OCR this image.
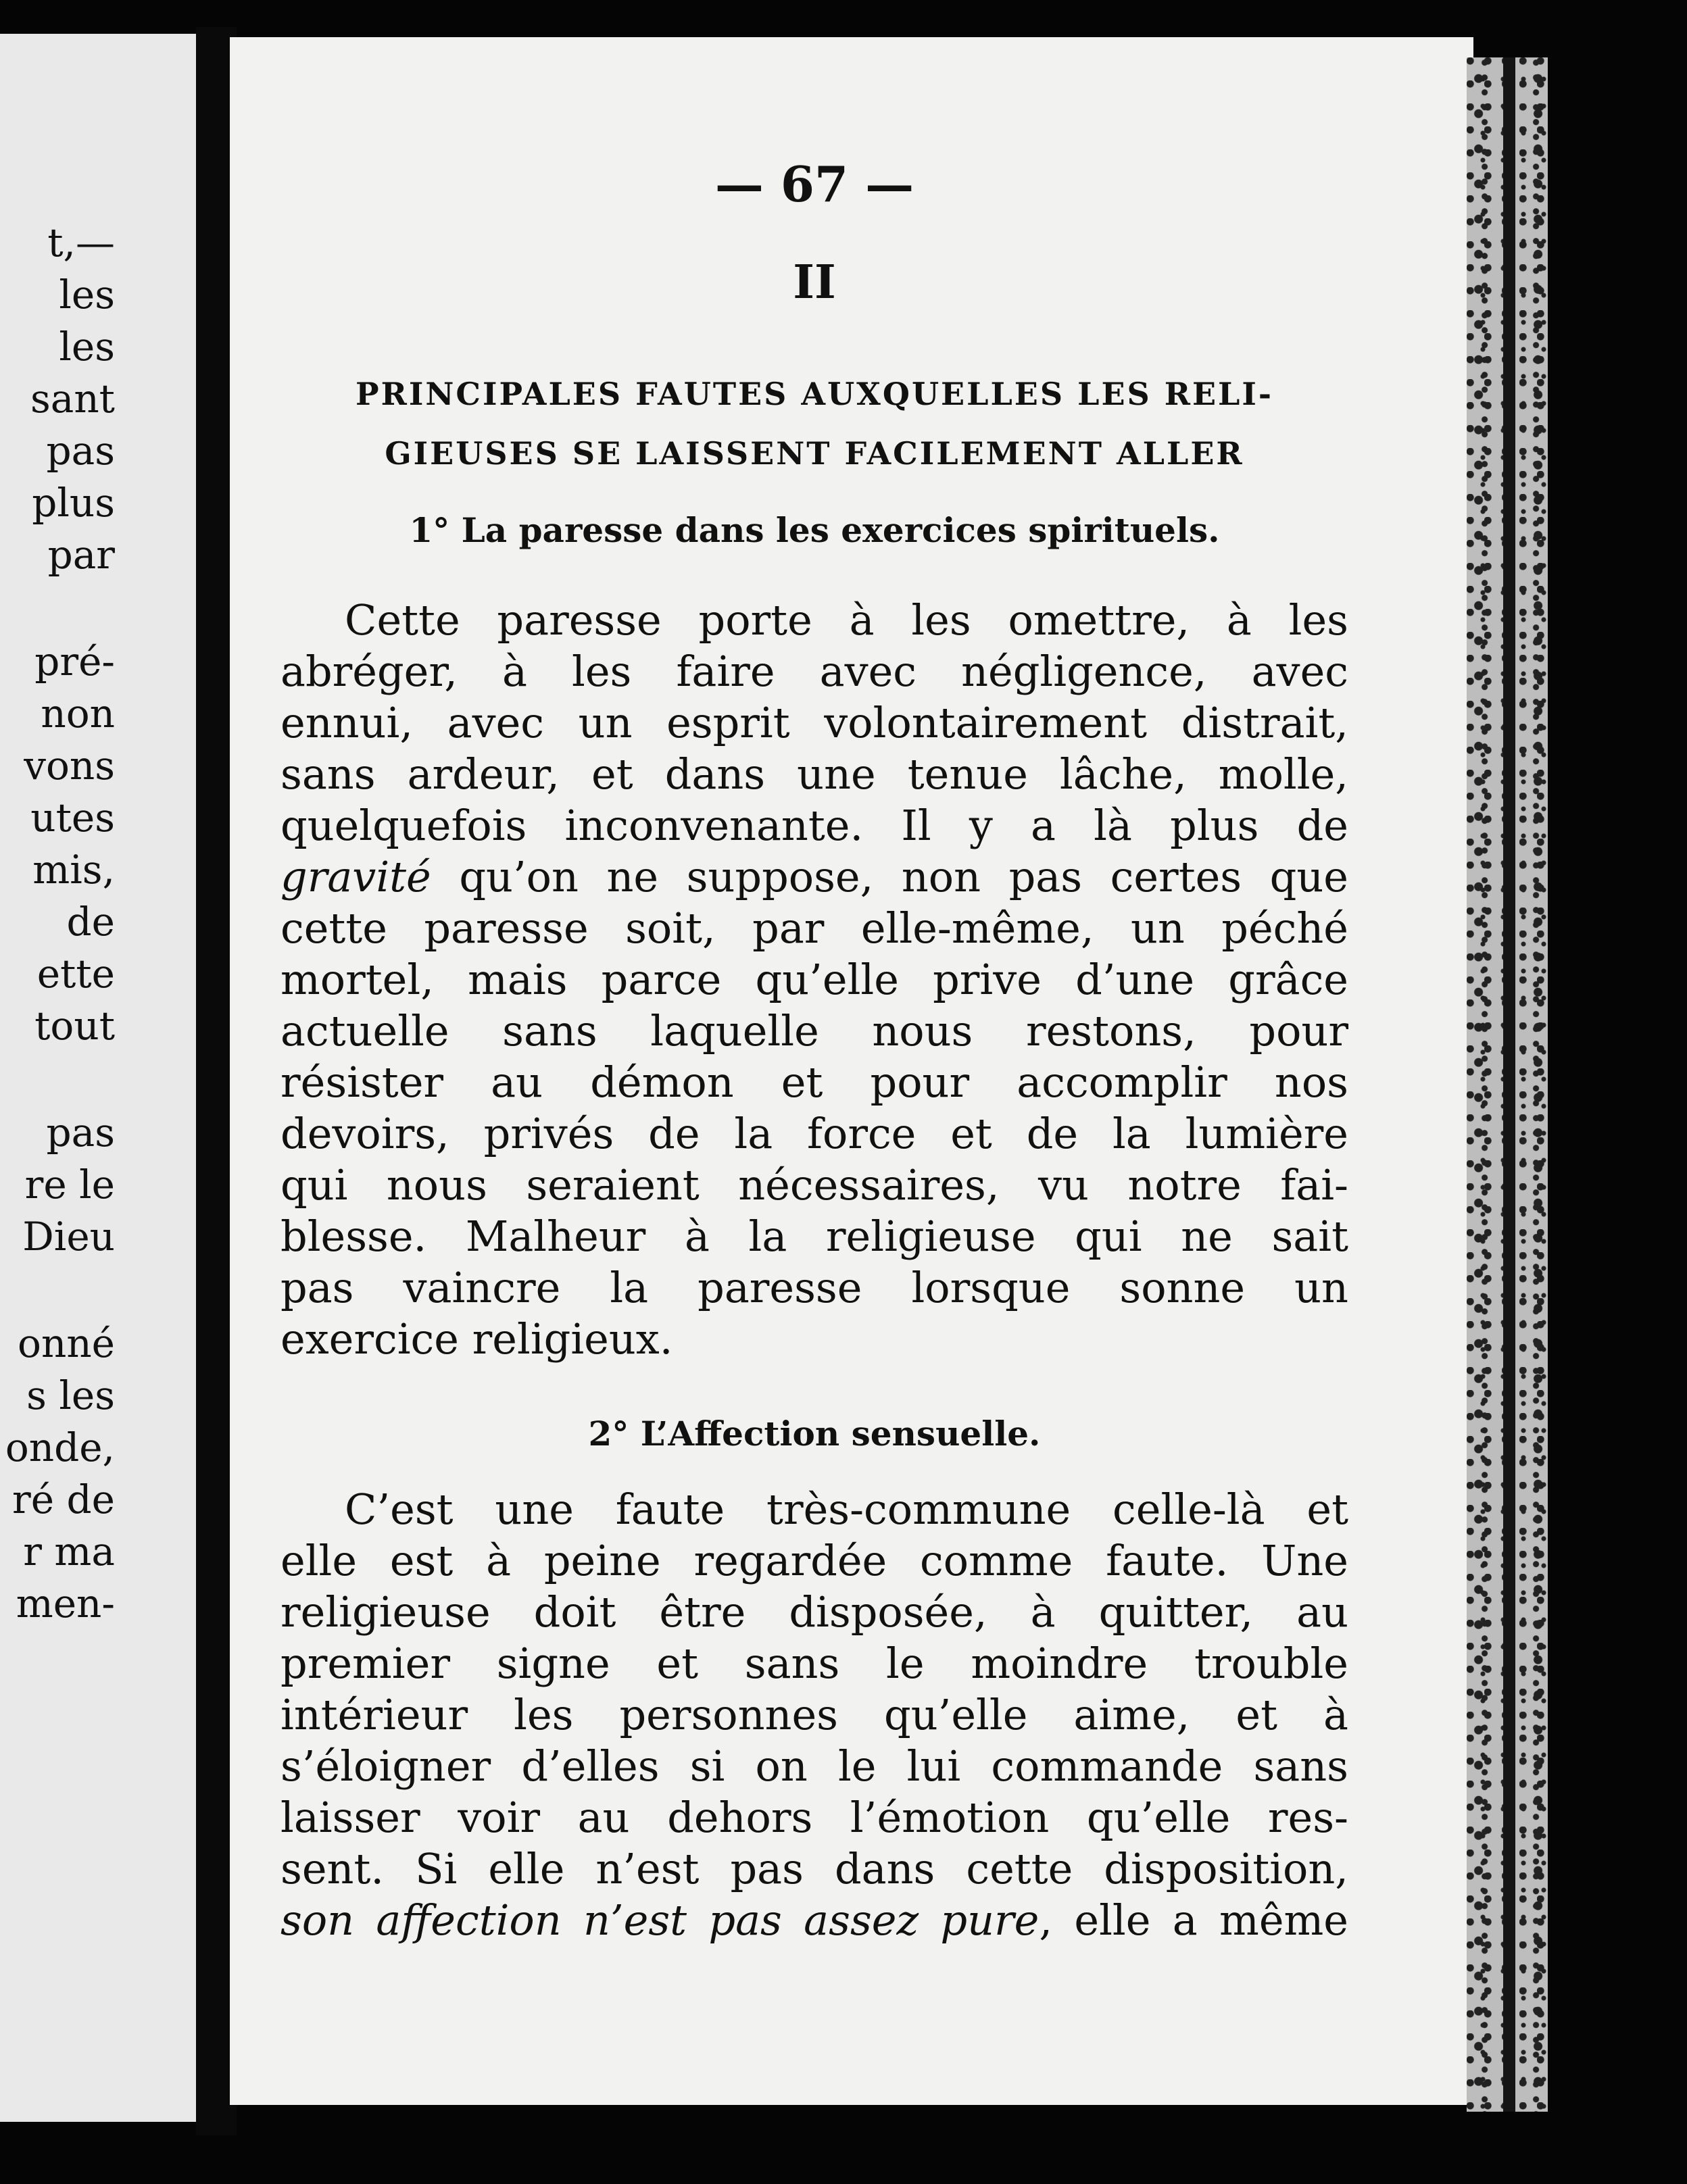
t,—

les

les

sant

pas

plus

par

pré-

non

vons

utes

mis,

de

ette

tout

pas

re le

Dieu

onné

s les

onde,

ré de

r ma

men-

— 67 —

II

PRINCIPALES FAUTES AUXQUELLES LES RELI-

GIEUSES SE LAISSENT FACILEMENT ALLER

1° La paresse dans les exercices spirituels.

Cette paresse porte à les omettre, à les
abréger, à les faire avec négligence, avec
ennui, avec un esprit volontairement distrait,
sans ardeur, et dans une tenue lâche, molle,
quelquefois inconvenante. Il y a là plus de
gravité qu’on ne suppose, non pas certes que
cette paresse soit, par elle-même, un péché
mortel, mais parce qu’elle prive d’une grâce
actuelle sans laquelle nous restons, pour
résister au démon et pour accomplir nos
devoirs, privés de la force et de la lumière
qui nous seraient nécessaires, vu notre fai-
blesse. Malheur à la religieuse qui ne sait
pas vaincre la paresse lorsque sonne un
exercice religieux.

2° L’Affection sensuelle.

C’est une faute très-commune celle-là et
elle est à peine regardée comme faute. Une
religieuse doit être disposée, à quitter, au
premier signe et sans le moindre trouble
intérieur les personnes qu’elle aime, et à
s’éloigner d’elles si on le lui commande sans
laisser voir au dehors l’émotion qu’elle res-
sent. Si elle n’est pas dans cette disposition,
son affection n’est pas assez pure, elle a même
